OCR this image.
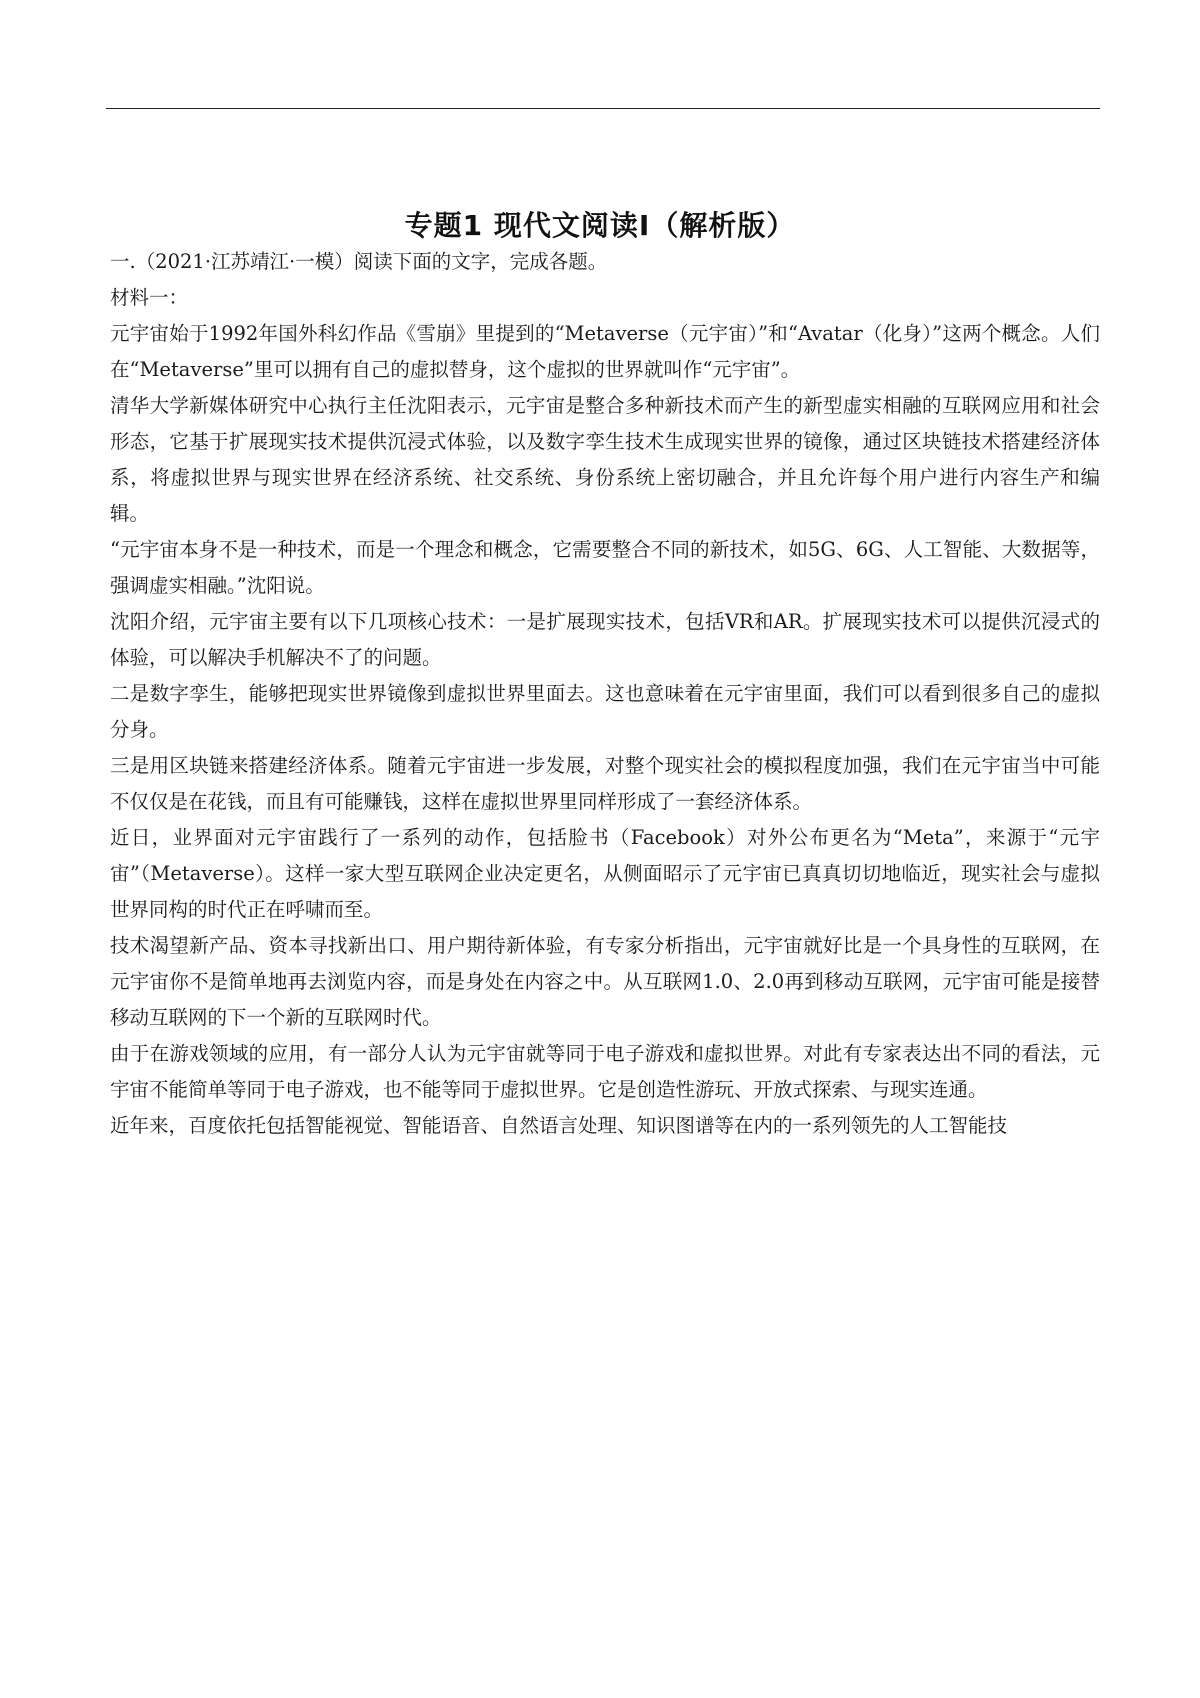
专题1 现代文阅读I（解析版）

一.（2021·江苏靖江·一模）阅读下面的文字，完成各题。

材料一：

元宇宙始于1992年国外科幻作品《雪崩》里提到的“Metaverse（元宇宙）”和“Avatar（化身）”这两个概念。人们在“Metaverse”里可以拥有自己的虚拟替身，这个虚拟的世界就叫作“元宇宙”。

清华大学新媒体研究中心执行主任沈阳表示，元宇宙是整合多种新技术而产生的新型虚实相融的互联网应用和社会形态，它基于扩展现实技术提供沉浸式体验，以及数字孪生技术生成现实世界的镜像，通过区块链技术搭建经济体系，将虚拟世界与现实世界在经济系统、社交系统、身份系统上密切融合，并且允许每个用户进行内容生产和编辑。

“元宇宙本身不是一种技术，而是一个理念和概念，它需要整合不同的新技术，如5G、6G、人工智能、大数据等，强调虚实相融。”沈阳说。

沈阳介绍，元宇宙主要有以下几项核心技术：一是扩展现实技术，包括VR和AR。扩展现实技术可以提供沉浸式的体验，可以解决手机解决不了的问题。

二是数字孪生，能够把现实世界镜像到虚拟世界里面去。这也意味着在元宇宙里面，我们可以看到很多自己的虚拟分身。

三是用区块链来搭建经济体系。随着元宇宙进一步发展，对整个现实社会的模拟程度加强，我们在元宇宙当中可能不仅仅是在花钱，而且有可能赚钱，这样在虚拟世界里同样形成了一套经济体系。

近日，业界面对元宇宙践行了一系列的动作，包括脸书（Facebook）对外公布更名为“Meta”，来源于“元宇宙”（Metaverse）。这样一家大型互联网企业决定更名，从侧面昭示了元宇宙已真真切切地临近，现实社会与虚拟世界同构的时代正在呼啸而至。

技术渴望新产品、资本寻找新出口、用户期待新体验，有专家分析指出，元宇宙就好比是一个具身性的互联网，在元宇宙你不是简单地再去浏览内容，而是身处在内容之中。从互联网1.0、2.0再到移动互联网，元宇宙可能是接替移动互联网的下一个新的互联网时代。

由于在游戏领域的应用，有一部分人认为元宇宙就等同于电子游戏和虚拟世界。对此有专家表达出不同的看法，元宇宙不能简单等同于电子游戏，也不能等同于虚拟世界。它是创造性游玩、开放式探索、与现实连通。

近年来，百度依托包括智能视觉、智能语音、自然语言处理、知识图谱等在内的一系列领先的人工智能技
